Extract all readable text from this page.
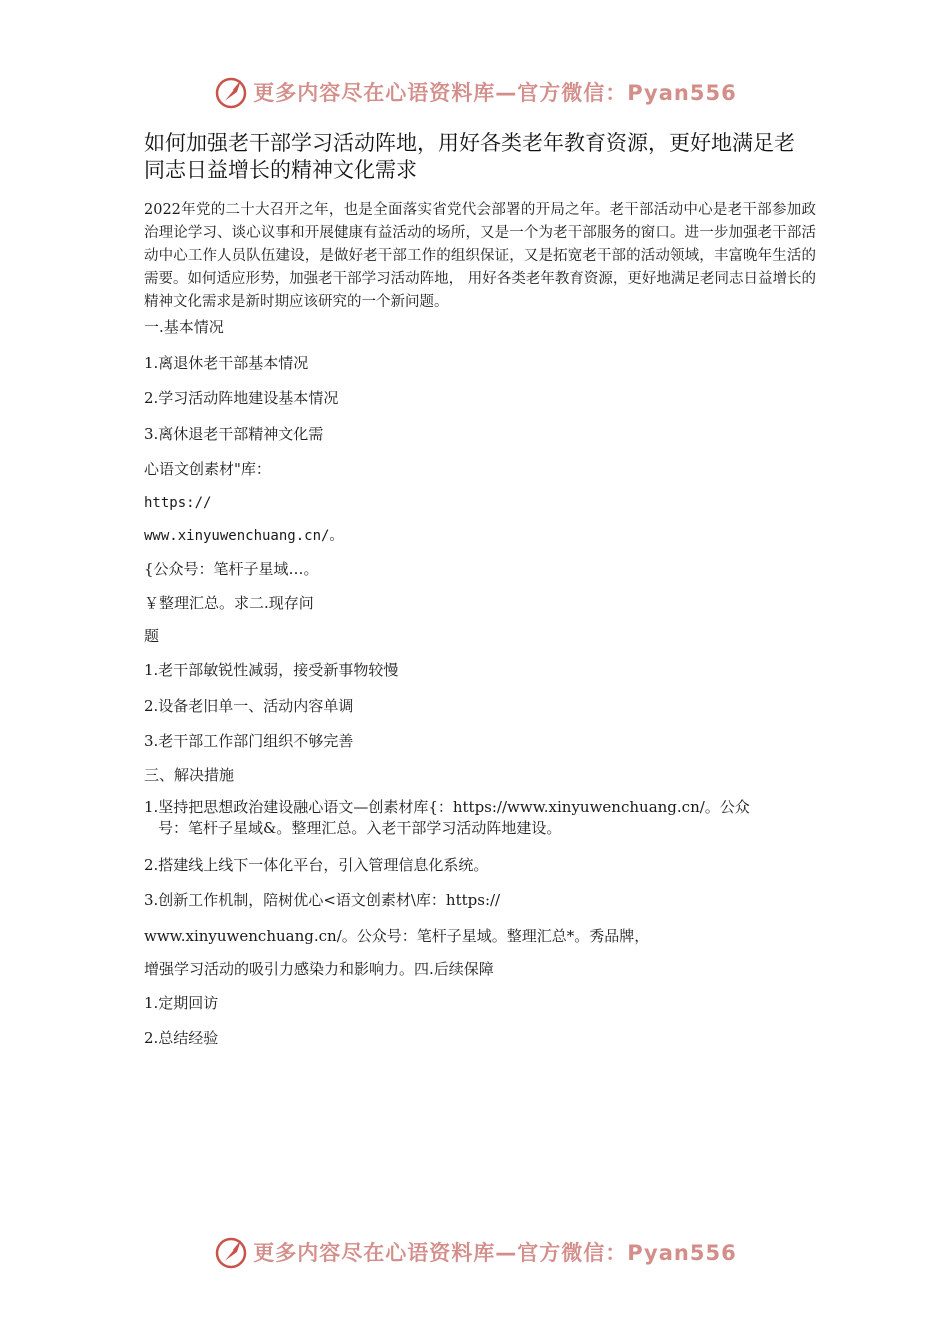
更多内容尽在心语资料库—官方微信：Pyan556
如何加强老干部学习活动阵地，用好各类老年教育资源，更好地满足老同志日益增长的精神文化需求
2022年党的二十大召开之年，也是全面落实省党代会部署的开局之年。老干部活动中心是老干部参加政治理论学习、谈心议事和开展健康有益活动的场所，又是一个为老干部服务的窗口。进一步加强老干部活动中心工作人员队伍建设，是做好老干部工作的组织保证，又是拓宽老干部的活动领域，丰富晚年生活的需要。如何适应形势，加强老干部学习活动阵地， 用好各类老年教育资源，更好地满足老同志日益增长的精神文化需求是新时期应该研究的一个新问题。
一.基本情况
1.离退休老干部基本情况
2.学习活动阵地建设基本情况
3.离休退老干部精神文化需
心语文创素材"库：
https://
www.xinyuwenchuang.cn/。
{公众号：笔杆子星域…。
￥整理汇总。求二.现存问
题
1.老干部敏锐性减弱，接受新事物较慢
2.设备老旧单一、活动内容单调
3.老干部工作部门组织不够完善
三、解决措施
1.坚持把思想政治建设融心语文—创素材库{：https://www.xinyuwenchuang.cn/。公众
号：笔杆子星域&。整理汇总。入老干部学习活动阵地建设。
2.搭建线上线下一体化平台，引入管理信息化系统。
3.创新工作机制，陪树优心<语文创素材\库：https://
www.xinyuwenchuang.cn/。公众号：笔杆子星域。整理汇总*。秀品牌，
增强学习活动的吸引力感染力和影响力。四.后续保障
1.定期回访
2.总结经验
更多内容尽在心语资料库—官方微信：Pyan556
